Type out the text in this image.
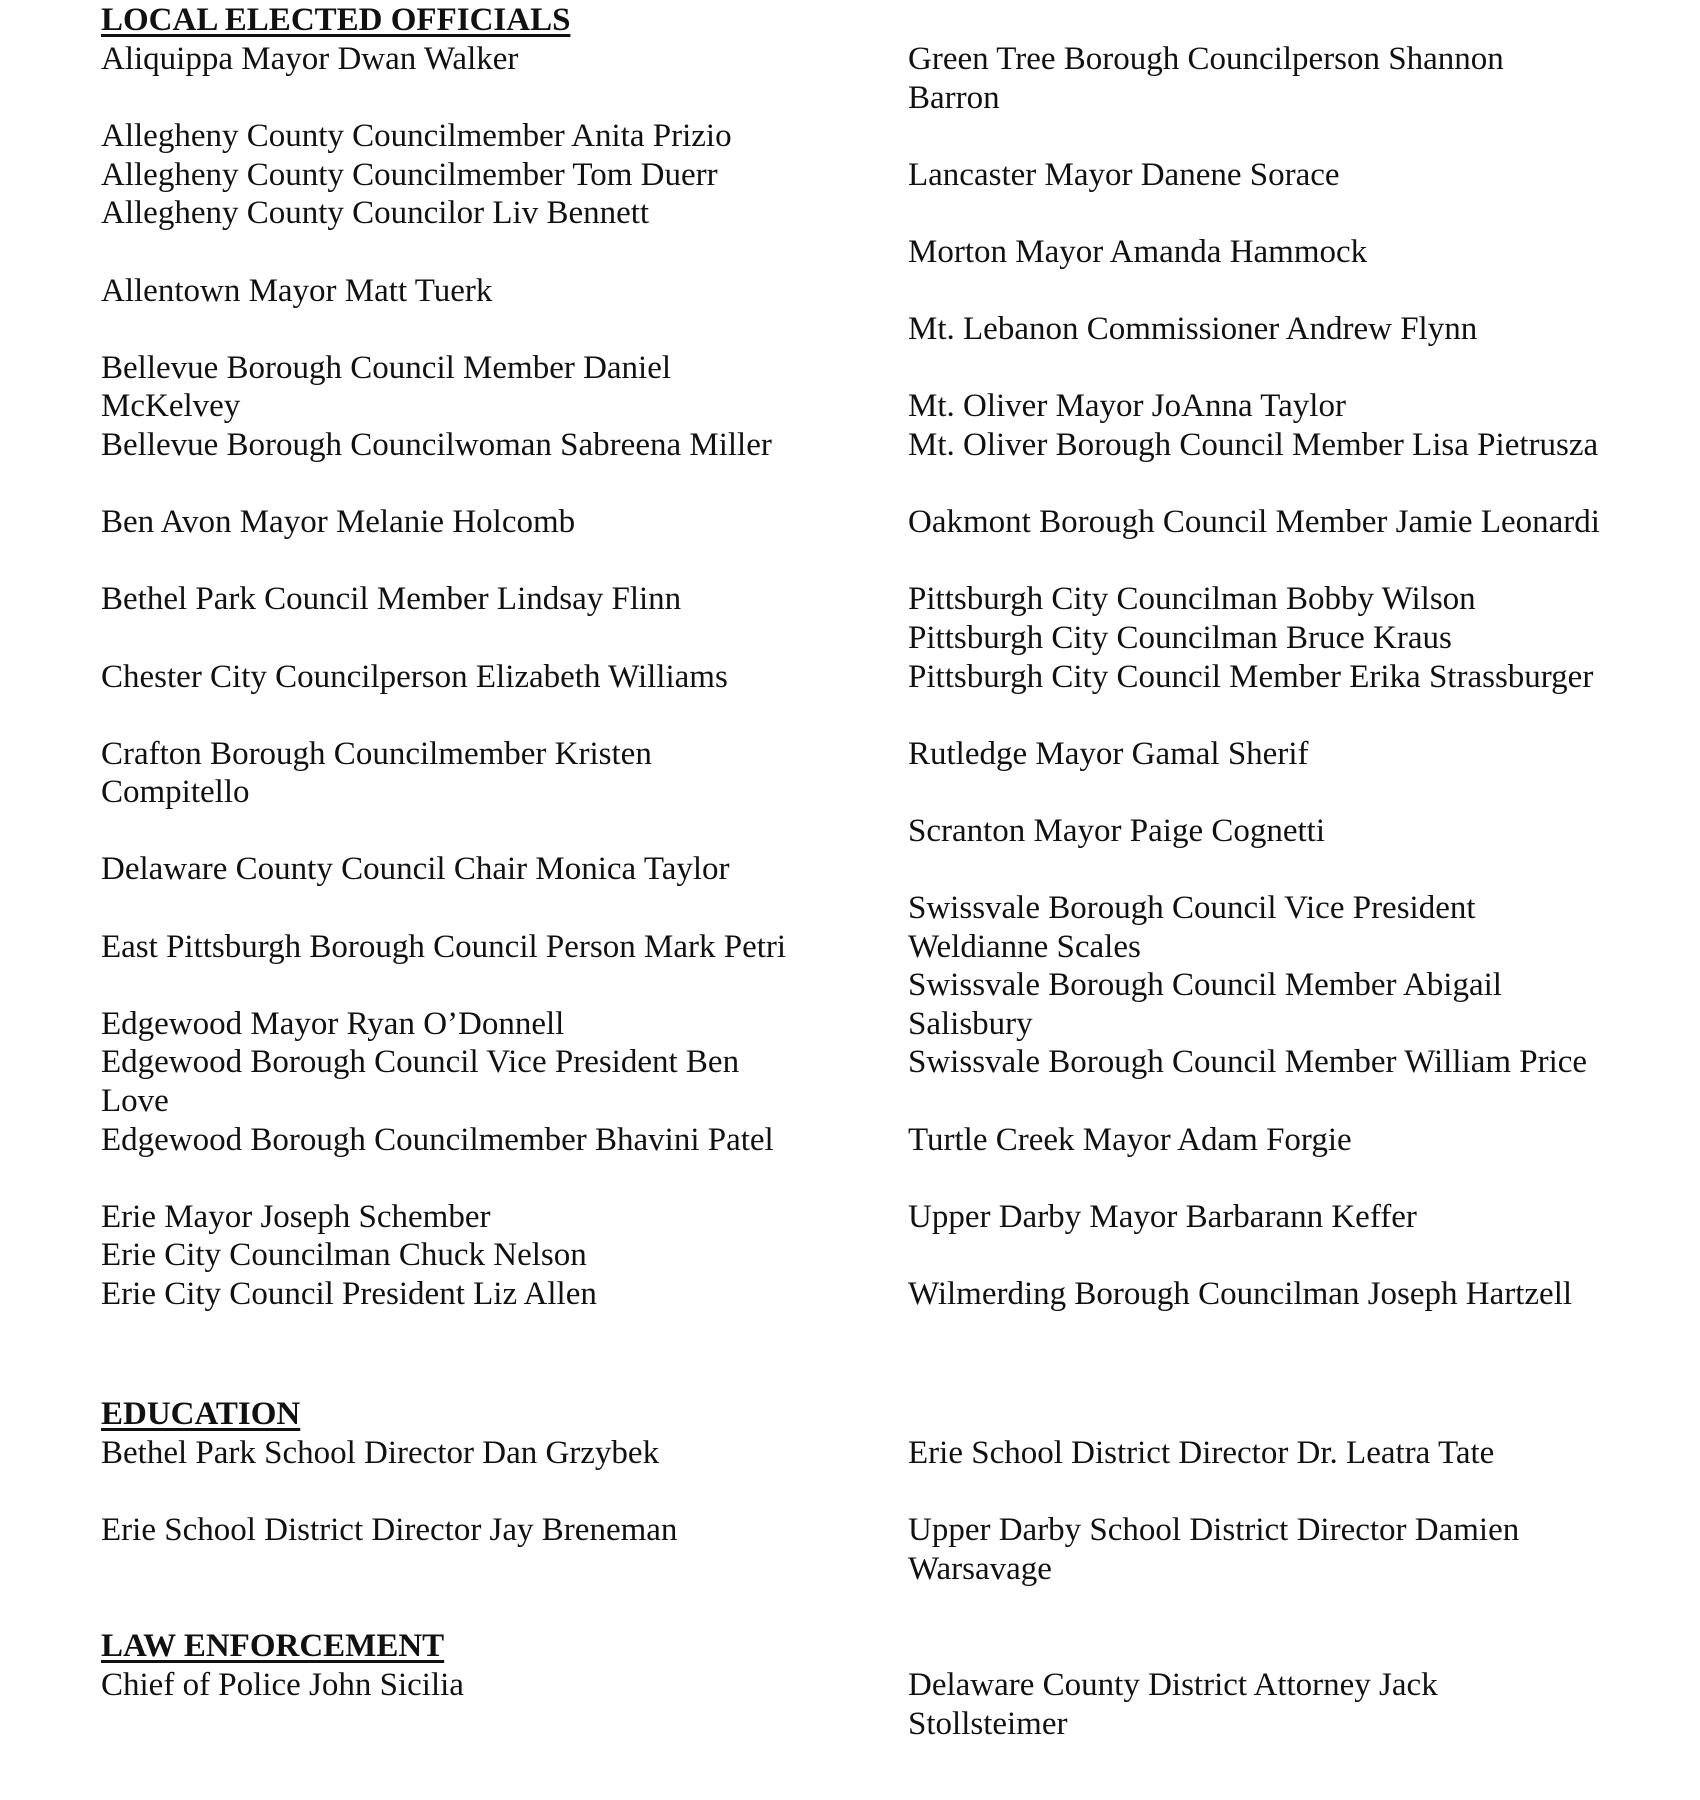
LOCAL ELECTED OFFICIALS
Aliquippa Mayor Dwan Walker
Allegheny County Councilmember Anita Prizio
Allegheny County Councilmember Tom Duerr
Allegheny County Councilor Liv Bennett
Allentown Mayor Matt Tuerk
Bellevue Borough Council Member Daniel
McKelvey
Bellevue Borough Councilwoman Sabreena Miller
Ben Avon Mayor Melanie Holcomb
Bethel Park Council Member Lindsay Flinn
Chester City Councilperson Elizabeth Williams
Crafton Borough Councilmember Kristen
Compitello
Delaware County Council Chair Monica Taylor
East Pittsburgh Borough Council Person Mark Petri
Edgewood Mayor Ryan O’Donnell
Edgewood Borough Council Vice President Ben
Love
Edgewood Borough Councilmember Bhavini Patel
Erie Mayor Joseph Schember
Erie City Councilman Chuck Nelson
Erie City Council President Liz Allen
Green Tree Borough Councilperson Shannon
Barron
Lancaster Mayor Danene Sorace
Morton Mayor Amanda Hammock
Mt. Lebanon Commissioner Andrew Flynn
Mt. Oliver Mayor JoAnna Taylor
Mt. Oliver Borough Council Member Lisa Pietrusza
Oakmont Borough Council Member Jamie Leonardi
Pittsburgh City Councilman Bobby Wilson
Pittsburgh City Councilman Bruce Kraus
Pittsburgh City Council Member Erika Strassburger
Rutledge Mayor Gamal Sherif
Scranton Mayor Paige Cognetti
Swissvale Borough Council Vice President
Weldianne Scales
Swissvale Borough Council Member Abigail
Salisbury
Swissvale Borough Council Member William Price
Turtle Creek Mayor Adam Forgie
Upper Darby Mayor Barbarann Keffer
Wilmerding Borough Councilman Joseph Hartzell
EDUCATION
Bethel Park School Director Dan Grzybek
Erie School District Director Jay Breneman
Erie School District Director Dr. Leatra Tate
Upper Darby School District Director Damien
Warsavage
LAW ENFORCEMENT
Chief of Police John Sicilia	Delaware County District Attorney Jack
Stollsteimer
